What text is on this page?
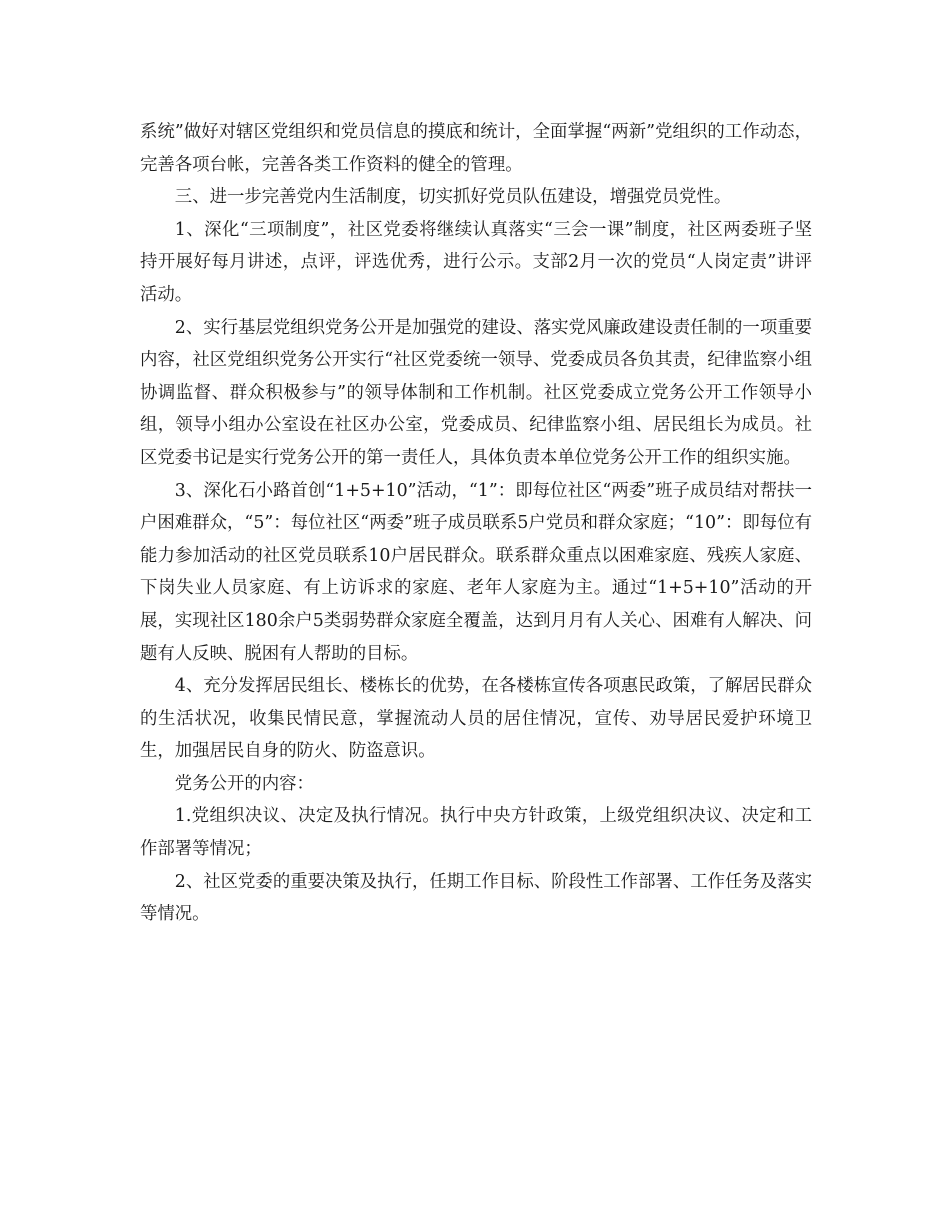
系统”做好对辖区党组织和党员信息的摸底和统计，全面掌握“两新”党组织的工作动态，完善各项台帐，完善各类工作资料的健全的管理。

三、进一步完善党内生活制度，切实抓好党员队伍建设，增强党员党性。

1、深化“三项制度”，社区党委将继续认真落实“三会一课”制度，社区两委班子坚持开展好每月讲述，点评，评选优秀，进行公示。支部2月一次的党员“人岗定责”讲评活动。

2、实行基层党组织党务公开是加强党的建设、落实党风廉政建设责任制的一项重要内容，社区党组织党务公开实行“社区党委统一领导、党委成员各负其责，纪律监察小组协调监督、群众积极参与”的领导体制和工作机制。社区党委成立党务公开工作领导小组，领导小组办公室设在社区办公室，党委成员、纪律监察小组、居民组长为成员。社区党委书记是实行党务公开的第一责任人，具体负责本单位党务公开工作的组织实施。

3、深化石小路首创“1+5+10”活动，“1”：即每位社区“两委”班子成员结对帮扶一户困难群众，“5”：每位社区“两委”班子成员联系5户党员和群众家庭；“10”：即每位有能力参加活动的社区党员联系10户居民群众。联系群众重点以困难家庭、残疾人家庭、下岗失业人员家庭、有上访诉求的家庭、老年人家庭为主。通过“1+5+10”活动的开展，实现社区180余户5类弱势群众家庭全覆盖，达到月月有人关心、困难有人解决、问题有人反映、脱困有人帮助的目标。

4、充分发挥居民组长、楼栋长的优势，在各楼栋宣传各项惠民政策，了解居民群众的生活状况，收集民情民意，掌握流动人员的居住情况，宣传、劝导居民爱护环境卫生，加强居民自身的防火、防盗意识。

党务公开的内容：

1.党组织决议、决定及执行情况。执行中央方针政策，上级党组织决议、决定和工作部署等情况；

2、社区党委的重要决策及执行，任期工作目标、阶段性工作部署、工作任务及落实等情况。
